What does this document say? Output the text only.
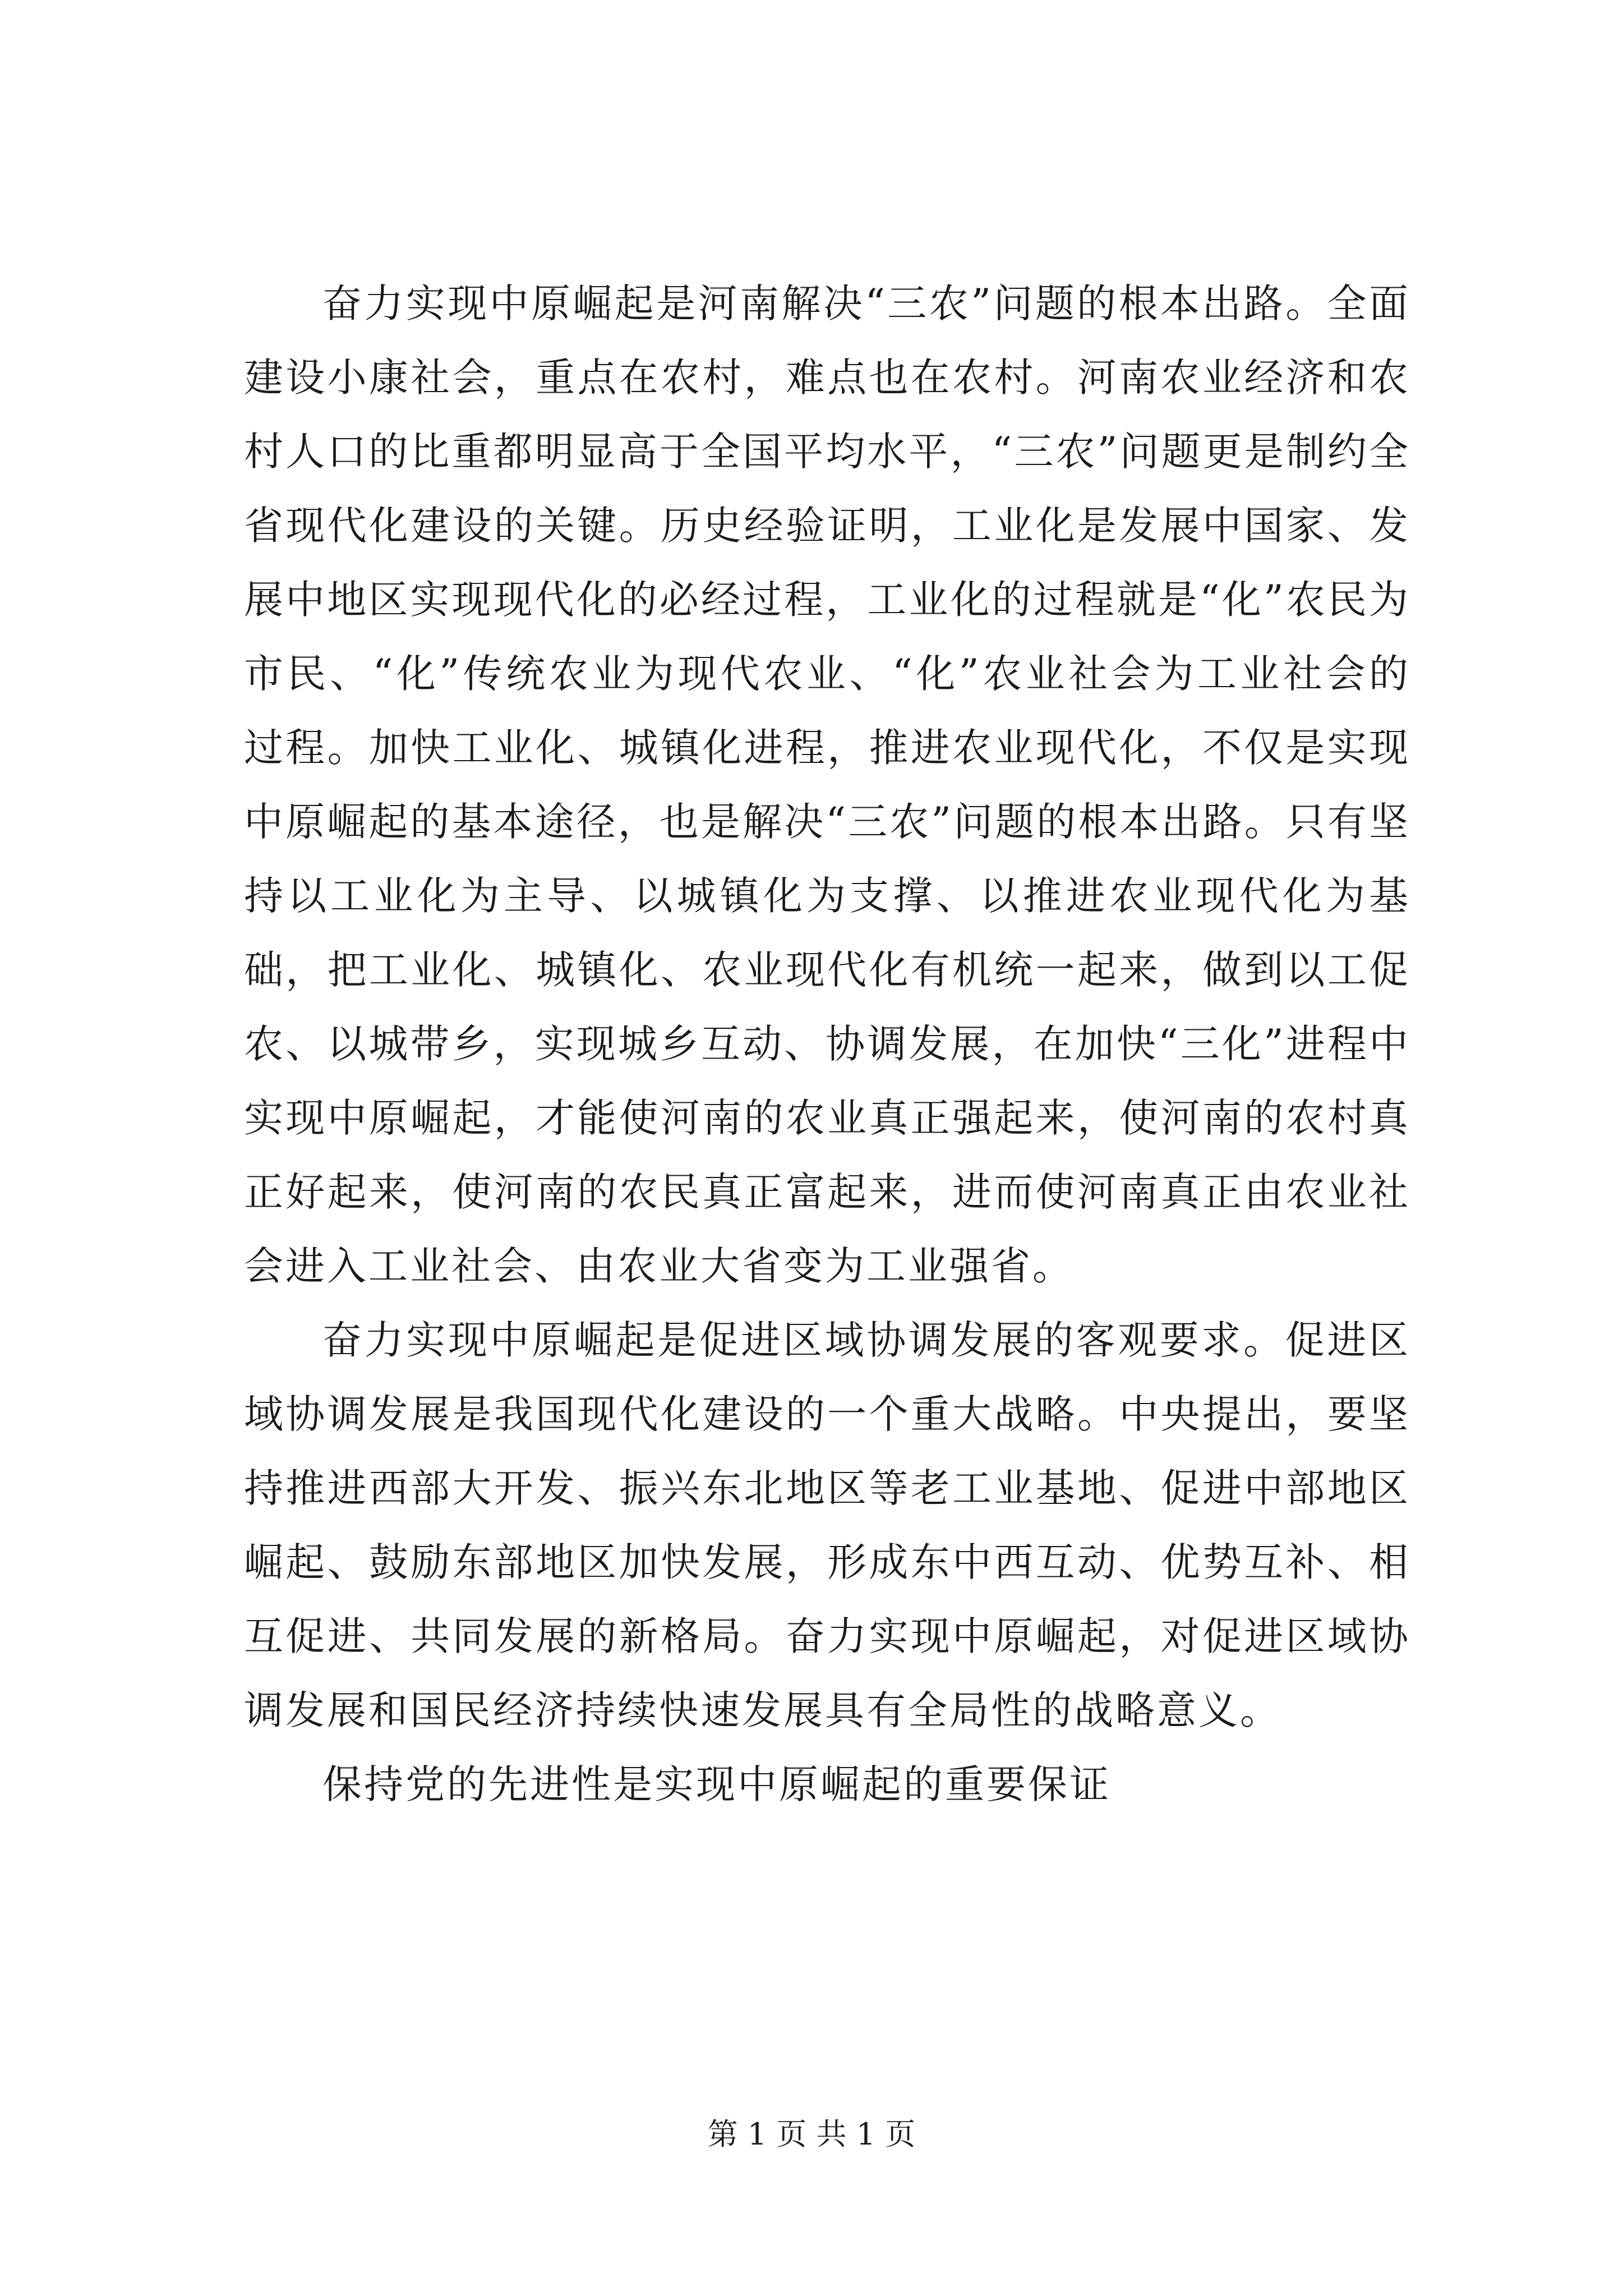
奋力实现中原崛起是河南解决“三农”问题的根本出路。全面建设小康社会，重点在农村，难点也在农村。河南农业经济和农村人口的比重都明显高于全国平均水平，“三农”问题更是制约全省现代化建设的关键。历史经验证明，工业化是发展中国家、发展中地区实现现代化的必经过程，工业化的过程就是“化”农民为市民、“化”传统农业为现代农业、“化”农业社会为工业社会的过程。加快工业化、城镇化进程，推进农业现代化，不仅是实现中原崛起的基本途径，也是解决“三农”问题的根本出路。只有坚持以工业化为主导、以城镇化为支撑、以推进农业现代化为基础，把工业化、城镇化、农业现代化有机统一起来，做到以工促农、以城带乡，实现城乡互动、协调发展，在加快“三化”进程中实现中原崛起，才能使河南的农业真正强起来，使河南的农村真正好起来，使河南的农民真正富起来，进而使河南真正由农业社会进入工业社会、由农业大省变为工业强省。

奋力实现中原崛起是促进区域协调发展的客观要求。促进区域协调发展是我国现代化建设的一个重大战略。中央提出，要坚持推进西部大开发、振兴东北地区等老工业基地、促进中部地区崛起、鼓励东部地区加快发展，形成东中西互动、优势互补、相互促进、共同发展的新格局。奋力实现中原崛起，对促进区域协调发展和国民经济持续快速发展具有全局性的战略意义。

保持党的先进性是实现中原崛起的重要保证

第 1 页 共 1 页
